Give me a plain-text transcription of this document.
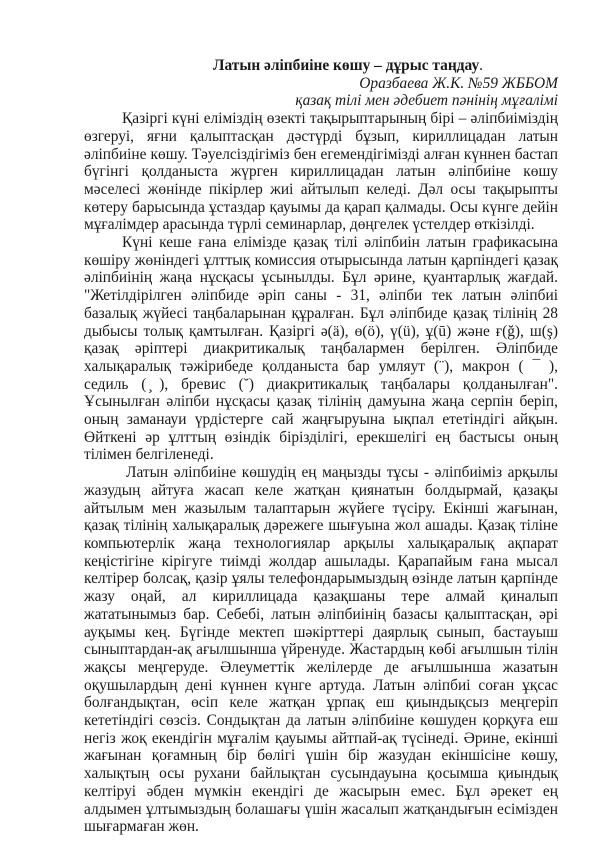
Латын әліпбиіне көшу – дұрыс таңдау.

Оразбаева Ж.К. №59 ЖББОМ

қазақ тілі мен әдебиет пәнінің мұғалімі

Қазіргі күні еліміздің өзекті тақырыптарының бірі – әліпбиіміздің өзгеруі, яғни қалыптасқан дәстүрді бұзып, кириллицадан латын әліпбиіне көшу. Тәуелсіздігіміз бен егемендігімізді алған күннен бастап бүгінгі қолданыста жүрген кириллицадан латын әліпбиіне көшу мәселесі жөнінде пікірлер жиі айтылып келеді. Дәл осы тақырыпты көтеру барысында ұстаздар қауымы да қарап қалмады. Осы күнге дейін мұғалімдер арасында түрлі семинарлар, дөңгелек үстелдер өткізілді.

Күні кеше ғана елімізде қазақ тілі әліпбиін латын графикасына көшіру жөніндегі ұлттық комиссия отырысында латын қарпіндегі қазақ әліпбиінің жаңа нұсқасы ұсынылды. Бұл әрине, қуантарлық жағдай. "Жетілдірілген әліпбиде әріп саны - 31, әліпби тек латын әліпбиі базалық жүйесі таңбаларынан құралған. Бұл әліпбиде қазақ тілінің 28 дыбысы толық қамтылған. Қазіргі ә(ä), ө(ö), ү(ü), ұ(ū) және ғ(ğ), ш(ş) қазақ әріптері диакритикалық таңбалармен берілген. Әліпбиде халықаралық тәжірибеде қолданыста бар умляут (¨), макрон ( ¯ ), седиль ( ̧), бревис (˘) диакритикалық таңбалары қолданылған". Ұсынылған әліпби нұсқасы қазақ тілінің дамуына жаңа серпін беріп, оның заманауи үрдістерге сай жаңғыруына ықпал ететіндігі айқын. Өйткені әр ұлттың өзіндік бірізділігі, ерекшелігі ең бастысы оның тілімен белгіленеді.

Латын әліпбиіне көшудің ең маңызды тұсы - әліпбиіміз арқылы жазудың айтуға жасап келе жатқан қиянатын болдырмай, қазақы айтылым мен жазылым талаптарын жүйеге түсіру. Екінші жағынан, қазақ тілінің халықаралық дәрежеге шығуына жол ашады. Қазақ тіліне компьютерлік жаңа технологиялар арқылы халықаралық ақпарат кеңістігіне кірігуге тиімді жолдар ашылады. Қарапайым ғана мысал келтірер болсақ, қазір ұялы телефондарымыздың өзінде латын қарпінде жазу оңай, ал кириллицада қазақшаны тере алмай қиналып жататынымыз бар. Себебі, латын әліпбиінің базасы қалыптасқан, әрі ауқымы кең. Бүгінде мектеп шәкірттері даярлық сынып, бастауыш сыныптардан-ақ ағылшынша үйренуде. Жастардың көбі ағылшын тілін жақсы меңгеруде. Әлеуметтік желілерде де ағылшынша жазатын оқушылардың дені күннен күнге артуда. Латын әліпбиі соған ұқсас болғандықтан, өсіп келе жатқан ұрпақ еш қиындықсыз меңгеріп кететіндігі сөзсіз. Сондықтан да латын әліпбиіне көшуден қорқуға еш негіз жоқ екендігін мұғалім қауымы айтпай-ақ түсінеді. Әрине, екінші жағынан қоғамның бір бөлігі үшін бір жазудан екіншісіне көшу, халықтың осы рухани байлықтан сусындауына қосымша қиындық келтіруі әбден мүмкін екендігі де жасырын емес. Бұл әрекет ең алдымен ұлтымыздың болашағы үшін жасалып жатқандығын есімізден шығармаған жөн.
